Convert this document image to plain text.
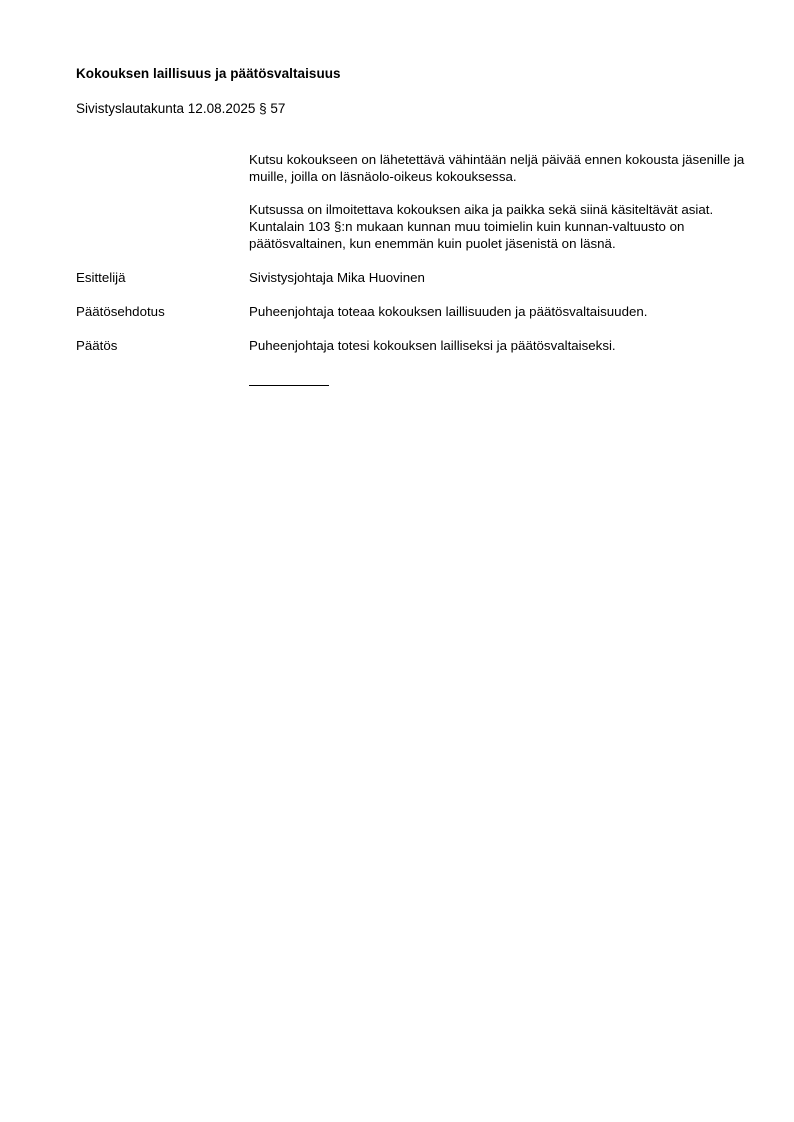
Kokouksen laillisuus ja päätösvaltaisuus
Sivistyslautakunta 12.08.2025 § 57
Kutsu kokoukseen on lähetettävä vähintään neljä päivää ennen kokousta jäsenille ja muille, joilla on läsnäolo-oikeus kokouksessa.
Kutsussa on ilmoitettava kokouksen aika ja paikka sekä siinä käsiteltävät asiat. Kuntalain 103 §:n mukaan kunnan muu toimielin kuin kunnan-valtuusto on päätösvaltainen, kun enemmän kuin puolet jäsenistä on läsnä.
Esittelijä	Sivistysjohtaja Mika Huovinen
Päätösehdotus	Puheenjohtaja toteaa kokouksen laillisuuden ja päätösvaltaisuuden.
Päätös	Puheenjohtaja totesi kokouksen lailliseksi ja päätösvaltaiseksi.
